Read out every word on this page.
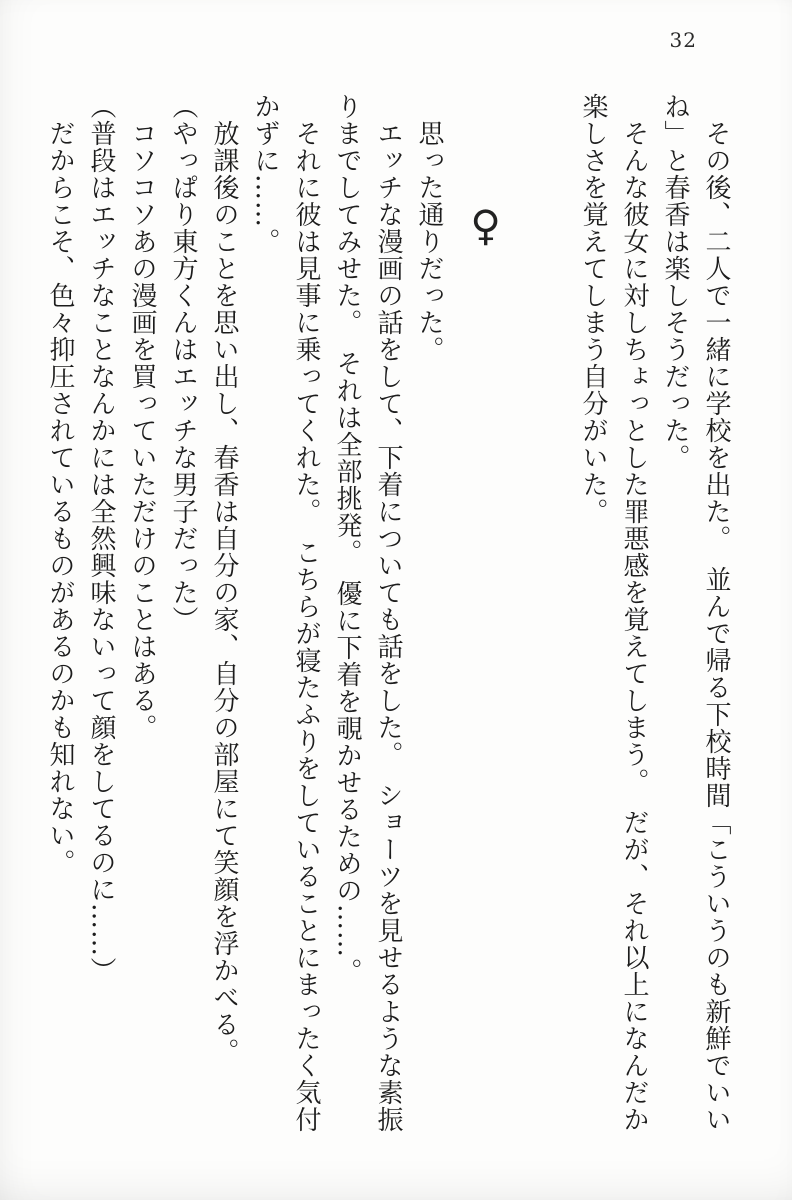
32

　その後、二人で一緒に学校を出た。　並んで帰る下校時間「こういうのも新鮮でいいね」と春香は楽しそうだった。

　そんな彼女に対しちょっとした罪悪感を覚えてしまう。　だが、それ以上になんだか楽しさを覚えてしまう自分がいた。

♀

　思った通りだった。

　エッチな漫画の話をして、下着についても話をした。　ショーツを見せるような素振りまでしてみせた。　それは全部挑発。　優に下着を覗かせるための……。

　それに彼は見事に乗ってくれた。　こちらが寝たふりをしていることにまったく気付かずに……。

　放課後のことを思い出し、春香は自分の家、自分の部屋にて笑顔を浮かべる。

（やっぱり東方くんはエッチな男子だった）

　コソコソあの漫画を買っていただけのことはある。

（普段はエッチなことなんかには全然興味ないって顔をしてるのに……）

　だからこそ、色々抑圧されているものがあるのかも知れない。
